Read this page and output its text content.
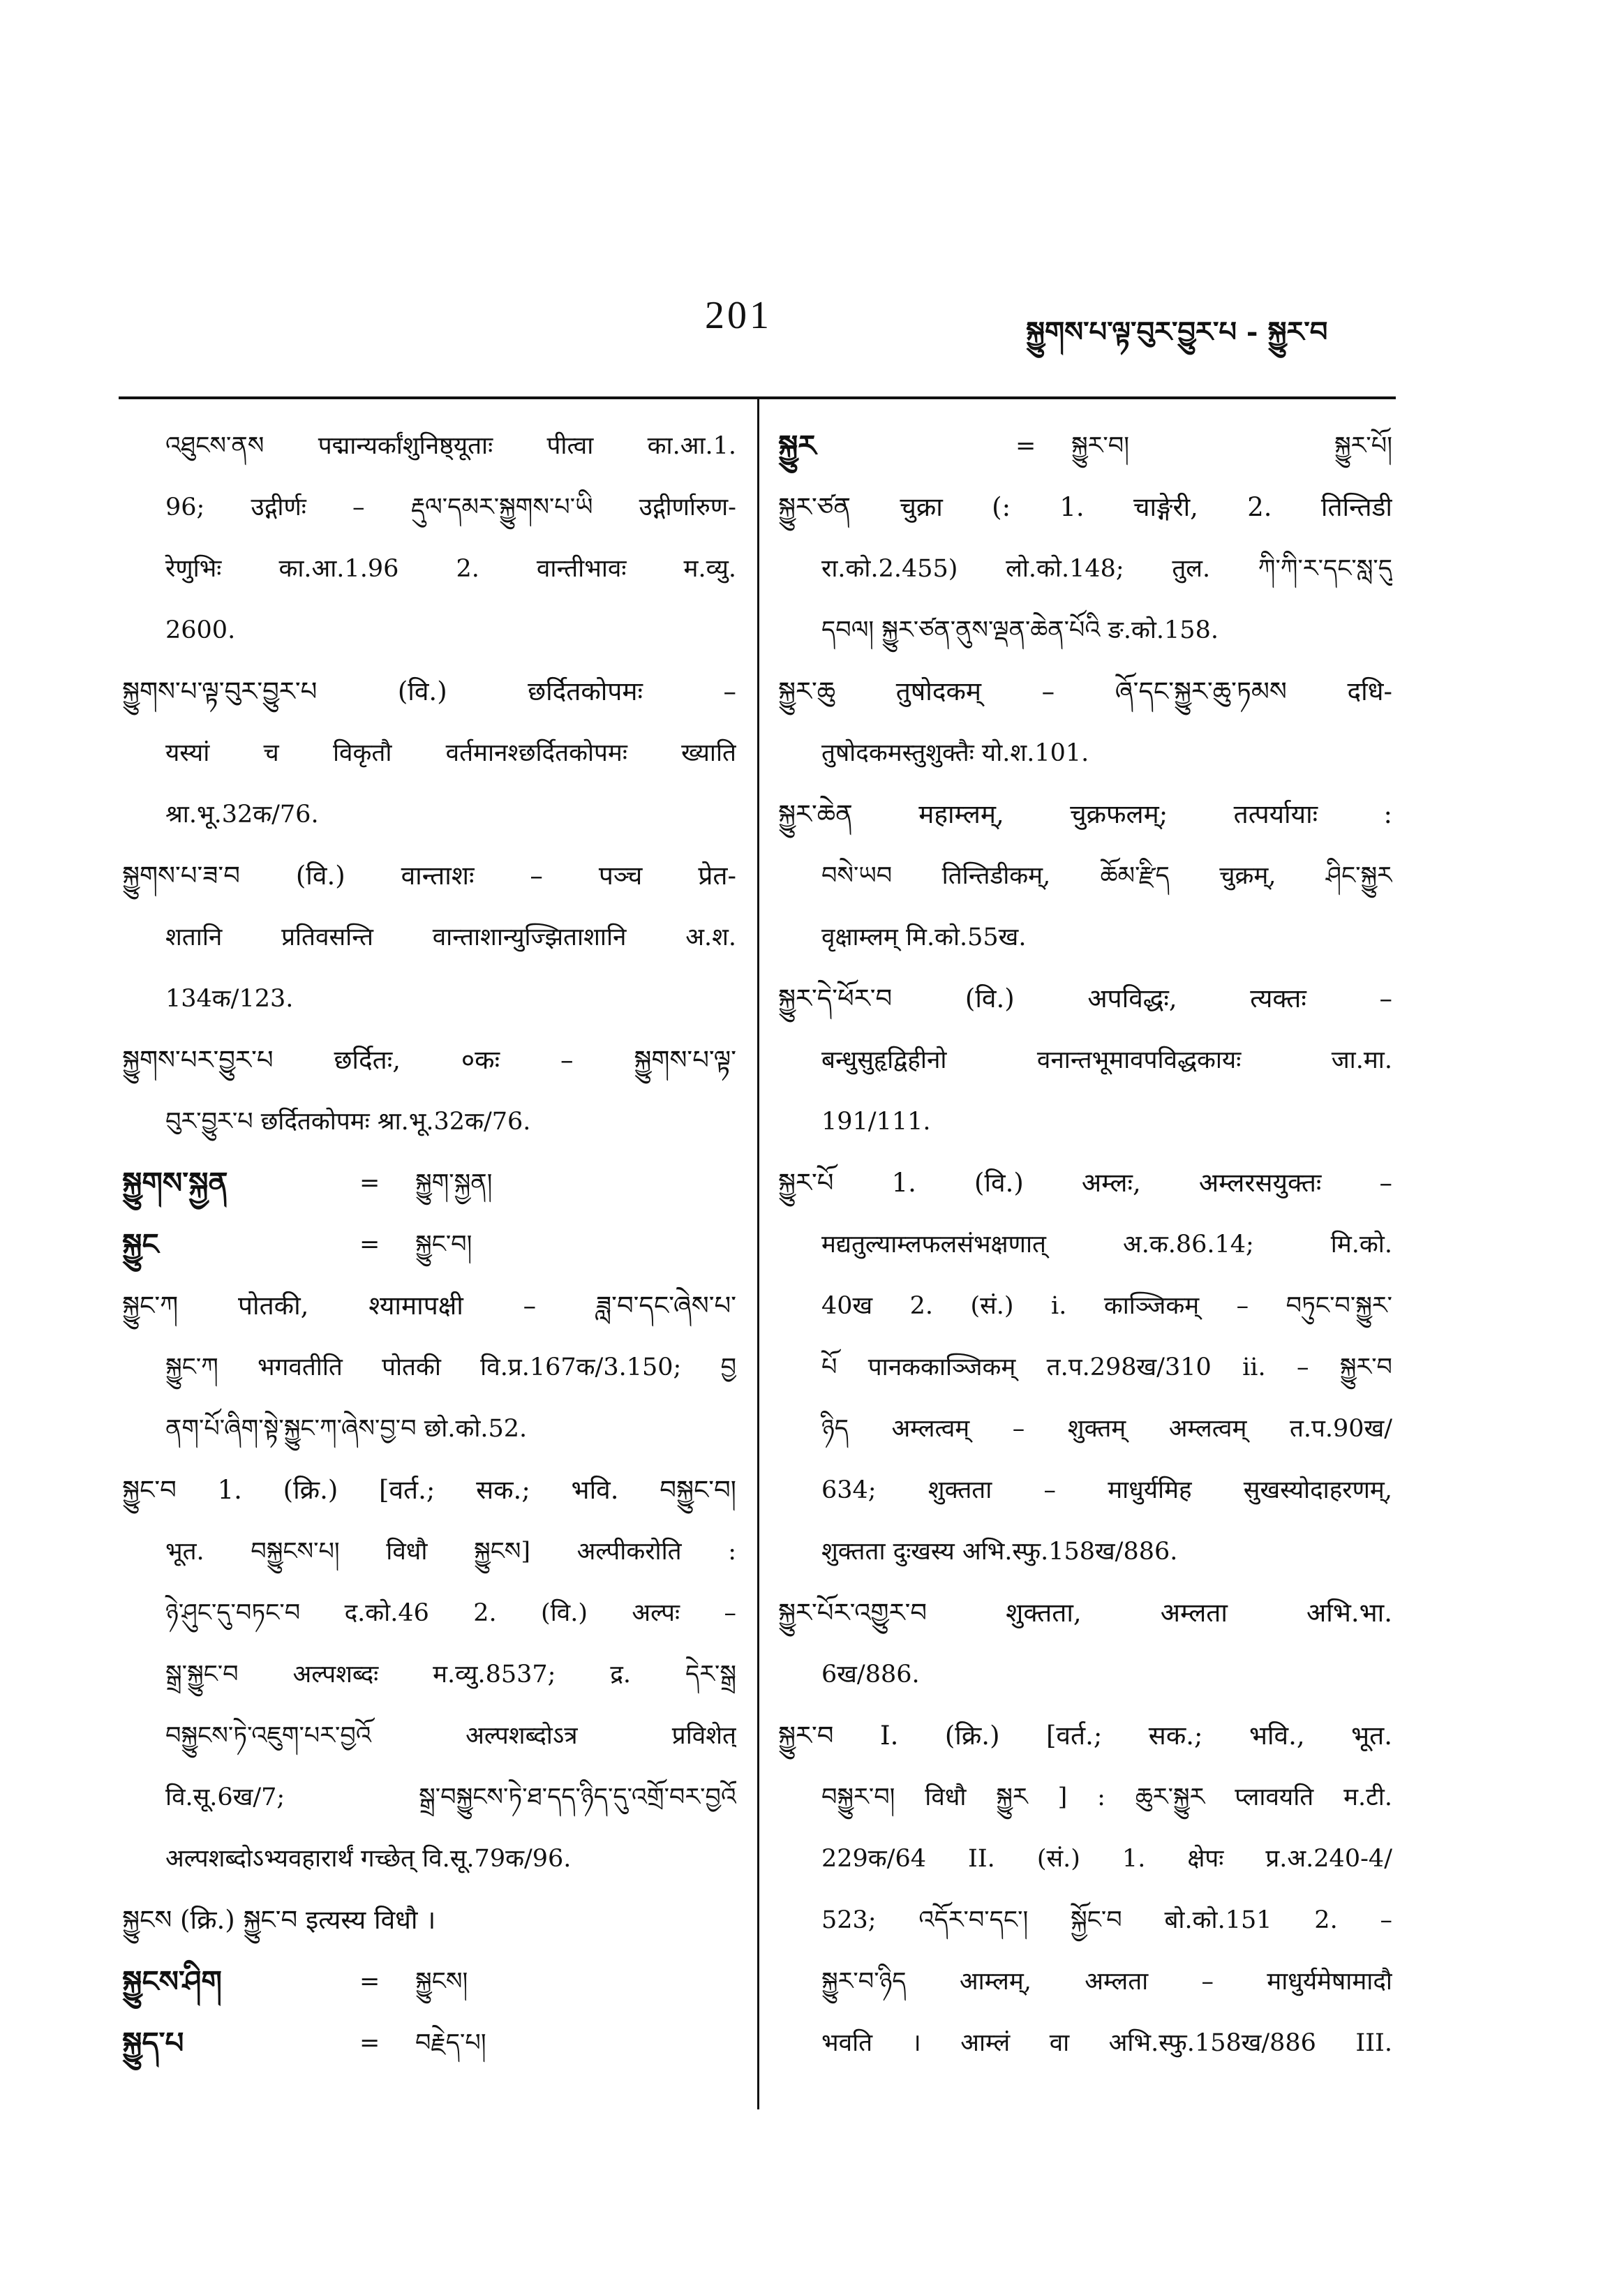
201	སྐྱུགས་པ་ལྟ་བུར་བྱུར་པ - སྐྱུར་བ
འཐུངས་ནས पद्मान्यर्कांशुनिष्ठ्यूताः पीत्वा का.आ.1.
96; उद्गीर्णः – རྡུལ་དམར་སྐྱུགས་པ་ཡི उद्गीर्णारुण-
रेणुभिः का.आ.1.96 2. वान्तीभावः म.व्यु.
2600.
སྐྱུགས་པ་ལྟ་བུར་བྱུར་པ (वि.) छर्दितकोपमः –
यस्यां च विकृतौ वर्तमानश्छर्दितकोपमः ख्याति
श्रा.भू.32क/76.
སྐྱུགས་པ་ཟ་བ (वि.) वान्ताशः – पञ्च प्रेत-
शतानि प्रतिवसन्ति वान्ताशान्युज्झिताशानि अ.श.
134क/123.
སྐྱུགས་པར་བྱུར་པ छर्दितः, ०कः – སྐྱུགས་པ་ལྟ་
བུར་བྱུར་པ छर्दितकोपमः श्रा.भू.32क/76.
སྐྱུགས་སྐྱན	=	སྐྱུག་སྐྱན།
སྐྱུང	=	སྐྱུང་བ།
སྐྱུང་ཀ पोतकी, श्यामापक्षी – ཟླ་བ་དང་ཞེས་པ་
སྐྱུང་ཀ भगवतीति पोतकी वि.प्र.167क/3.150; བྱ
ནག་པོ་ཞིག་སྟེ་སྐྱུང་ཀ་ཞེས་བྱ་བ छो.को.52.
སྐྱུང་བ 1. (क्रि.) [वर्त.; सक.; भवि. བསྐྱུང་བ།
भूत. བསྐྱུངས་པ། विधौ སྐྱུངས] अल्पीकरोति :
ཉེ་ཤུང་དུ་བཏང་བ द.को.46 2. (वि.) अल्पः –
སྒྲ་སྐྱུང་བ अल्पशब्दः म.व्यु.8537; द्र. དེར་སྒྲ
བསྐྱུངས་ཏེ་འཇུག་པར་བྱའོ अल्पशब्दोऽत्र प्रविशेत्
वि.सू.6ख/7; སྒྲ་བསྐྱུངས་ཏེ་ཐ་དད་ཉིད་དུ་འགྲོ་བར་བྱའོ
अल्पशब्दोऽभ्यवहारार्थं गच्छेत् वि.सू.79क/96.
སྐྱུངས (क्रि.) སྐྱུང་བ इत्यस्य विधौ ।
སྐྱུངས་ཤིག	=	སྐྱུངས།
སྐྱུད་པ	=	བརྗེད་པ།
སྐྱུར	=	སྐྱུར་བ། སྐྱུར་པོ།
སྐྱུར་ཙན चुक्रा (: 1. चाङ्गेरी, 2. तिन्तिडी
रा.को.2.455) लो.को.148; तुल. ཀི་ཀི་ར་དང་སླ་དུ
དབལ། སྐྱུར་ཙན་ནུས་ལྡན་ཆེན་པོའི ङ.को.158.
སྐྱུར་ཆུ तुषोदकम् – ཞོ་དང་སྐྱུར་ཆུ་ཏམས दधि-
तुषोदकमस्तुशुक्तैः यो.श.101.
སྐྱུར་ཆེན महाम्लम्, चुक्रफलम्; तत्पर्यायाः :
བསེ་ཡབ तिन्तिडीकम्, ཆོམ་རྫིད चुक्रम्, ཤིང་སྐྱུར
वृक्षाम्लम् मि.को.55ख.
སྐྱུར་དེ་ཕོར་བ (वि.) अपविद्धः, त्यक्तः –
बन्धुसुहृद्विहीनो वनान्तभूमावपविद्धकायः जा.मा.
191/111.
སྐྱུར་པོ 1. (वि.) अम्लः, अम्लरसयुक्तः –
मद्यतुल्याम्लफलसंभक्षणात् अ.क.86.14; मि.को.
40ख 2. (सं.) i. काञ्जिकम् – བཏུང་བ་སྐྱུར་
པོ पानककाञ्जिकम् त.प.298ख/310 ii. – སྐྱུར་བ
ཉིད अम्लत्वम् – शुक्तम् अम्लत्वम् त.प.90ख/
634; शुक्तता – माधुर्यमिह सुखस्योदाहरणम्,
शुक्तता दुःखस्य अभि.स्फु.158ख/886.
སྐྱུར་པོར་འགྱུར་བ शुक्तता, अम्लता अभि.भा.
6ख/886.
སྐྱུར་བ I. (क्रि.) [वर्त.; सक.; भवि., भूत.
བསྐྱུར་བ། विधौ སྐྱུར ] : ཆུར་སྐྱུར प्लावयति म.टी.
229क/64 II. (सं.) 1. क्षेपः प्र.अ.240-4/
523; འདོར་བ་དང་། སྐྱོང་བ बो.को.151 2. –
སྐྱུར་བ་ཉིད आम्लम्, अम्लता – माधुर्यमेषामादौ
भवति । आम्लं वा अभि.स्फु.158ख/886 III.
